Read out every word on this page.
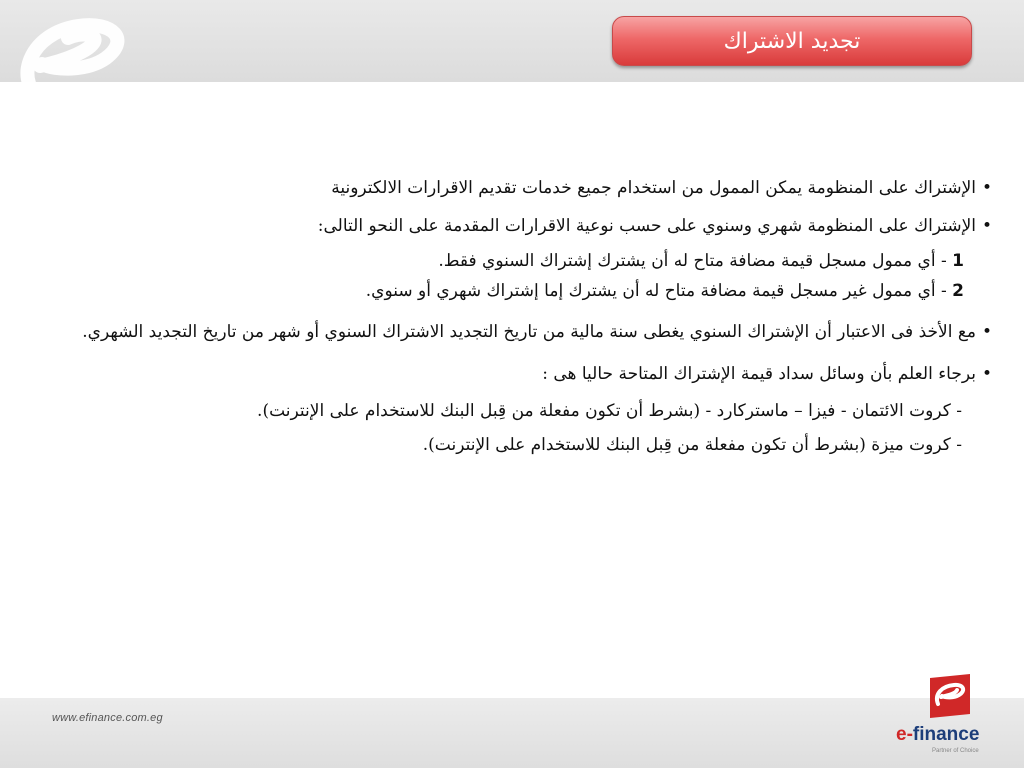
تجديد الاشتراك
• الإشتراك على المنظومة يمكن الممول من استخدام جميع خدمات تقديم الاقرارات الالكترونية
• الإشتراك على المنظومة شهري وسنوي على حسب نوعية الاقرارات المقدمة على النحو التالى:
1 - أي ممول مسجل قيمة مضافة متاح له أن يشترك إشتراك السنوي فقط.
2 - أي ممول غير مسجل قيمة مضافة متاح له أن يشترك إما إشتراك شهري أو سنوي.
• مع الأخذ فى الاعتبار أن الإشتراك السنوي يغطى سنة مالية من تاريخ التجديد الاشتراك السنوي أو شهر من تاريخ التجديد الشهري.
• برجاء العلم بأن وسائل سداد قيمة الإشتراك المتاحة حاليا هى :
- كروت الائتمان - فيزا – ماستركارد - (بشرط أن تكون مفعلة من قِبل البنك للاستخدام على الإنترنت).
- كروت ميزة (بشرط أن تكون مفعلة من قِبل البنك للاستخدام على الإنترنت).
www.efinance.com.eg
e- finance
Partner of Choice
